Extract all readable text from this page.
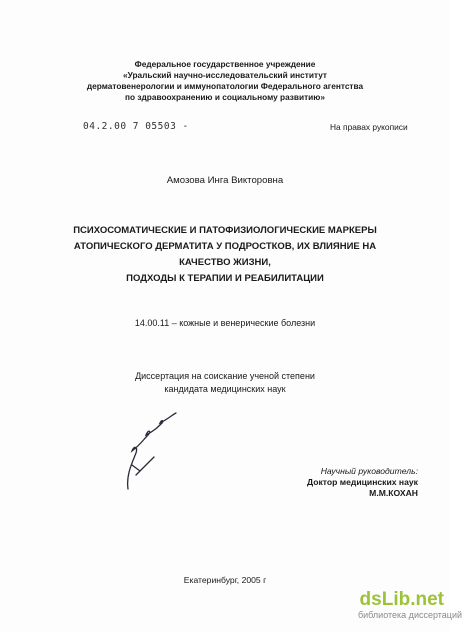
Федеральное государственное учреждение
«Уральский научно-исследовательский институт
дерматовенерологии и иммунопатологии Федерального агентства
по здравоохранению и социальному развитию»
04.2.00 7 05503 -	На правах рукописи
Амозова Инга Викторовна
ПСИХОСОМАТИЧЕСКИЕ И ПАТОФИЗИОЛОГИЧЕСКИЕ МАРКЕРЫ
АТОПИЧЕСКОГО ДЕРМАТИТА У ПОДРОСТКОВ, ИХ ВЛИЯНИЕ НА
КАЧЕСТВО ЖИЗНИ,
ПОДХОДЫ К ТЕРАПИИ И РЕАБИЛИТАЦИИ
14.00.11 – кожные и венерические болезни
Диссертация на соискание ученой степени
кандидата медицинских наук
Научный руководитель:
Доктор медицинских наук
М.М.КОХАН
Екатеринбург, 2005 г
dsLib.net
библиотека диссертаций
